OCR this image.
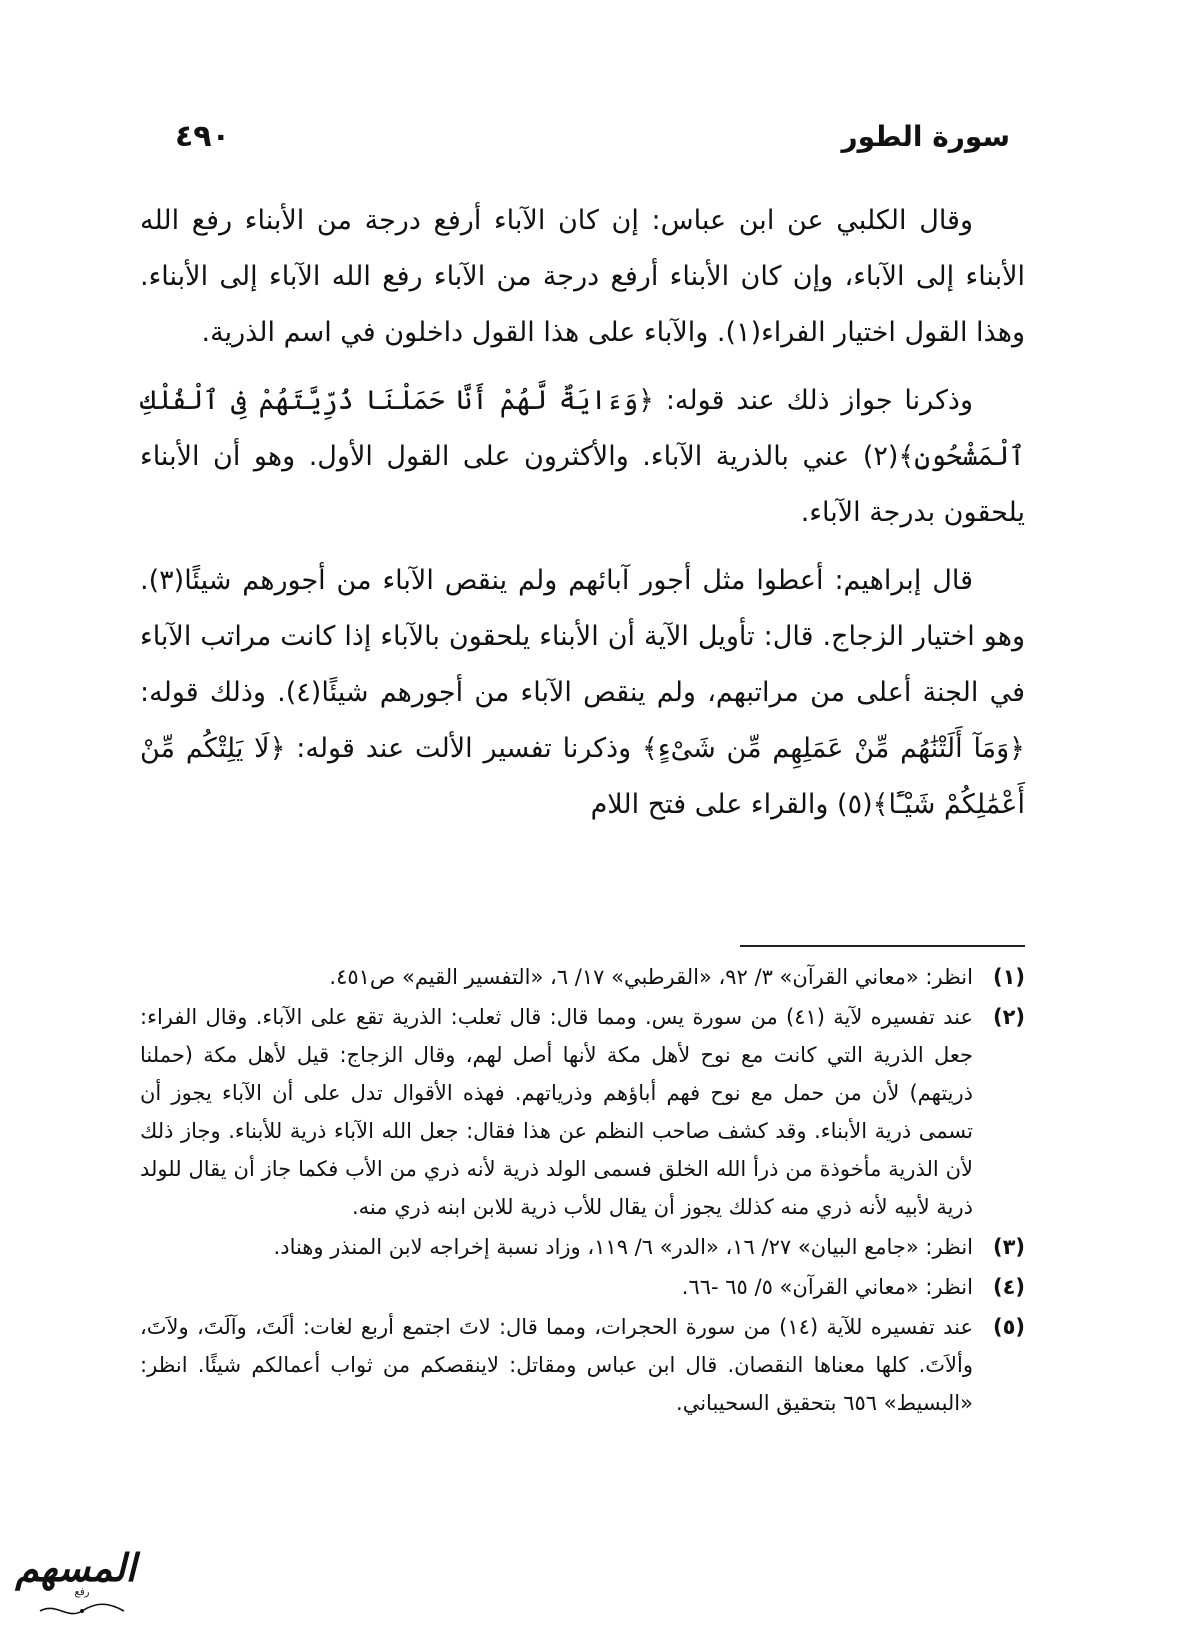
سورة الطور
٤٩٠

وقال الكلبي عن ابن عباس: إن كان الآباء أرفع درجة من الأبناء رفع الله الأبناء إلى الآباء، وإن كان الأبناء أرفع درجة من الآباء رفع الله الآباء إلى الأبناء. وهذا القول اختيار الفراء(١). والآباء على هذا القول داخلون في اسم الذرية.

وذكرنا جواز ذلك عند قوله: ﴿وَءَايَةٌ لَّهُمْ أَنَّا حَمَلْنَا ذُرِّيَّتَهُمْ فِى ٱلْفُلْكِ ٱلْمَشْحُونِ﴾(٢) عني بالذرية الآباء. والأكثرون على القول الأول. وهو أن الأبناء يلحقون بدرجة الآباء.

قال إبراهيم: أعطوا مثل أجور آبائهم ولم ينقص الآباء من أجورهم شيئًا(٣). وهو اختيار الزجاج. قال: تأويل الآية أن الأبناء يلحقون بالآباء إذا كانت مراتب الآباء في الجنة أعلى من مراتبهم، ولم ينقص الآباء من أجورهم شيئًا(٤). وذلك قوله: ﴿وَمَآ أَلَتْنَٰهُم مِّنْ عَمَلِهِم مِّن شَىْءٍ﴾ وذكرنا تفسير الألت عند قوله: ﴿لَا يَلِتْكُم مِّنْ أَعْمَٰلِكُمْ شَيْـًٔا﴾(٥) والقراء على فتح اللام

(١)
انظر: «معاني القرآن» ٣/ ٩٢، «القرطبي» ١٧/ ٦، «التفسير القيم» ص٤٥١.
(٢)
عند تفسيره لآية (٤١) من سورة يس. ومما قال: قال ثعلب: الذرية تقع على الآباء. وقال الفراء: جعل الذرية التي كانت مع نوح لأهل مكة لأنها أصل لهم، وقال الزجاج: قيل لأهل مكة (حملنا ذريتهم) لأن من حمل مع نوح فهم أباؤهم وذرياتهم. فهذه الأقوال تدل على أن الآباء يجوز أن تسمى ذرية الأبناء. وقد كشف صاحب النظم عن هذا فقال: جعل الله الآباء ذرية للأبناء. وجاز ذلك لأن الذرية مأخوذة من ذرأ الله الخلق فسمى الولد ذرية لأنه ذري من الأب فكما جاز أن يقال للولد ذرية لأبيه لأنه ذري منه كذلك يجوز أن يقال للأب ذرية للابن ابنه ذري منه.
(٣)
انظر: «جامع البيان» ٢٧/ ١٦، «الدر» ٦/ ١١٩، وزاد نسبة إخراجه لابن المنذر وهناد.
(٤)
انظر: «معاني القرآن» ٥/ ٦٥ -٦٦.
(٥)
عند تفسيره للآية (١٤) من سورة الحجرات، ومما قال: لاتَ اجتمع أربع لغات: ألَتَ، وآلَتَ، ولاَتَ، وألاَتَ. كلها معناها النقصان. قال ابن عباس ومقاتل: لاينقصكم من ثواب أعمالكم شيئًا. انظر: «البسيط» ٦٥٦ بتحقيق السحيباني.
المسهم
رفع
